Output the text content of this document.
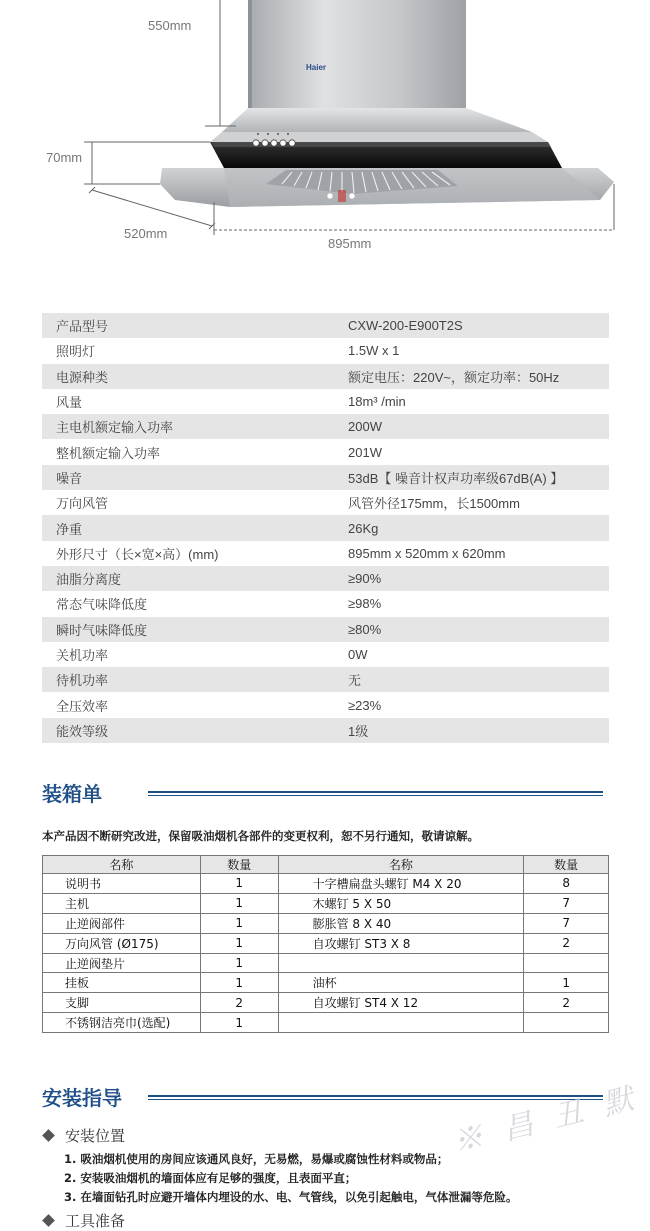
Haier
550mm
70mm
520mm
895mm
产品型号	CXW-200-E900T2S
照明灯	1.5W x 1
电源种类	额定电压：220V~，额定功率：50Hz
风量	18m³ /min
主电机额定输入功率	200W
整机额定输入功率	201W
噪音	53dB【 噪音计权声功率级67dB(A) 】
万向风管	风管外径175mm，长1500mm
净重	26Kg
外形尺寸（长×宽×高）(mm)	895mm x 520mm x 620mm
油脂分离度	≥90%
常态气味降低度	≥98%
瞬时气味降低度	≥80%
关机功率	0W
待机功率	无
全压效率	≥23%
能效等级	1级
装箱单
本产品因不断研究改进，保留吸油烟机各部件的变更权利，恕不另行通知，敬请谅解。
名称	数量	名称	数量
说明书	1	十字槽扁盘头螺钉 M4 X 20	8
主机	1	木螺钉 5 X 50	7
止逆阀部件	1	膨胀管 8 X 40	7
万向风管 (Ø175)	1	自攻螺钉 ST3 X 8	2
止逆阀垫片	1		
挂板	1	油杯	1
支脚	2	自攻螺钉 ST4 X 12	2
不锈钢洁亮巾(选配)	1		
安装指导
安装位置
1. 吸油烟机使用的房间应该通风良好，无易燃，易爆或腐蚀性材料或物品；
2. 安装吸油烟机的墙面体应有足够的强度，且表面平直；
3. 在墙面钻孔时应避开墙体内埋设的水、电、气管线，以免引起触电，气体泄漏等危险。
工具准备
※ 昌 丑 默
